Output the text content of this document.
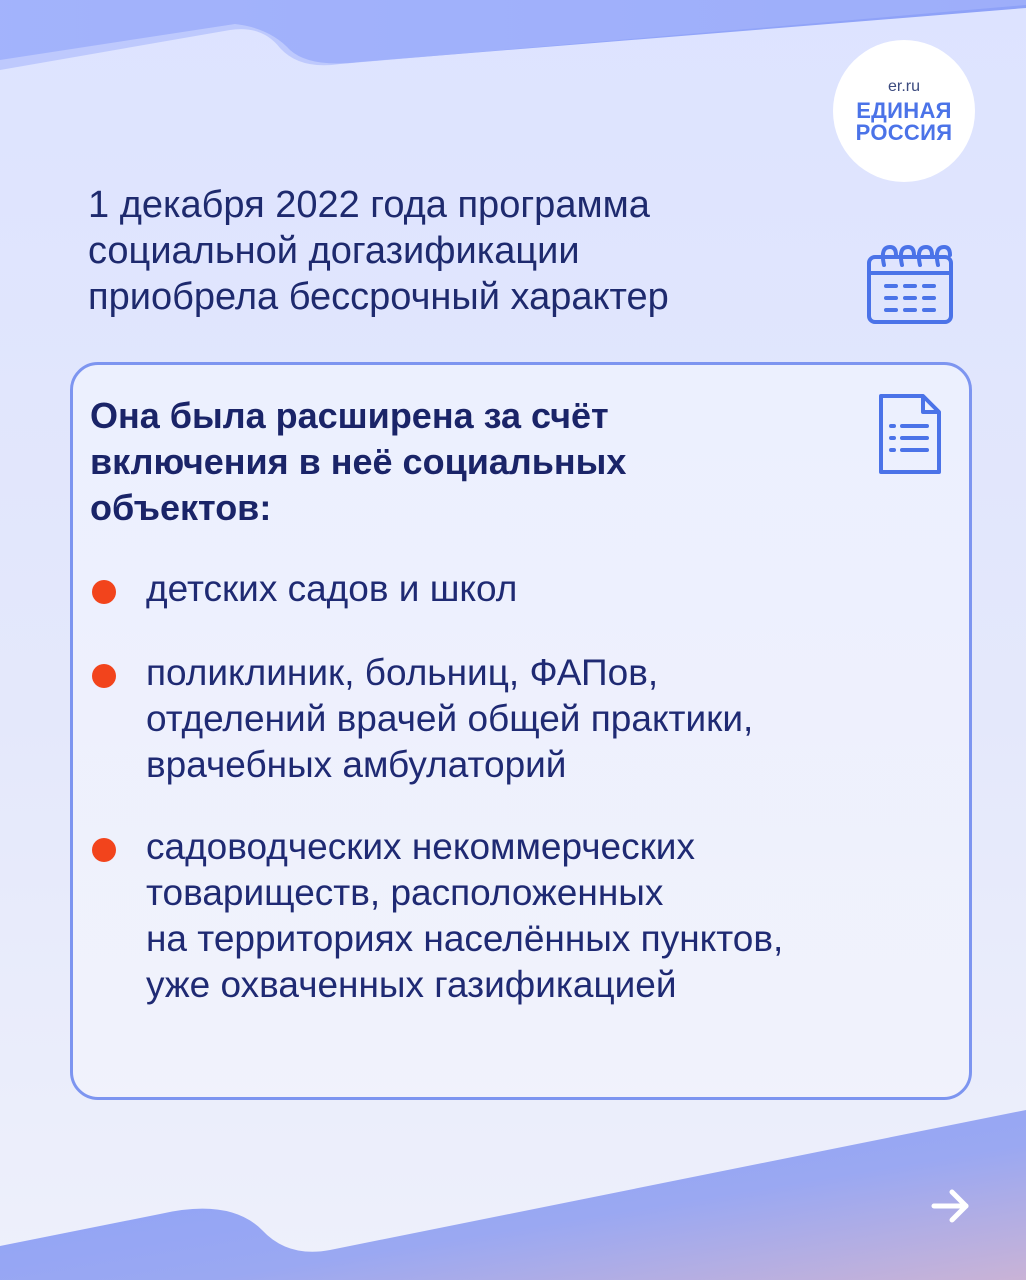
er.ru
ЕДИНАЯ
РОССИЯ
1 декабря 2022 года программа
социальной догазификации
приобрела бессрочный характер
Она была расширена за счёт
включения в неё социальных
объектов:
детских садов и школ
поликлиник, больниц, ФАПов,
отделений врачей общей практики,
врачебных амбулаторий
садоводческих некоммерческих
товариществ, расположенных
на территориях населённых пунктов,
уже охваченных газификацией
